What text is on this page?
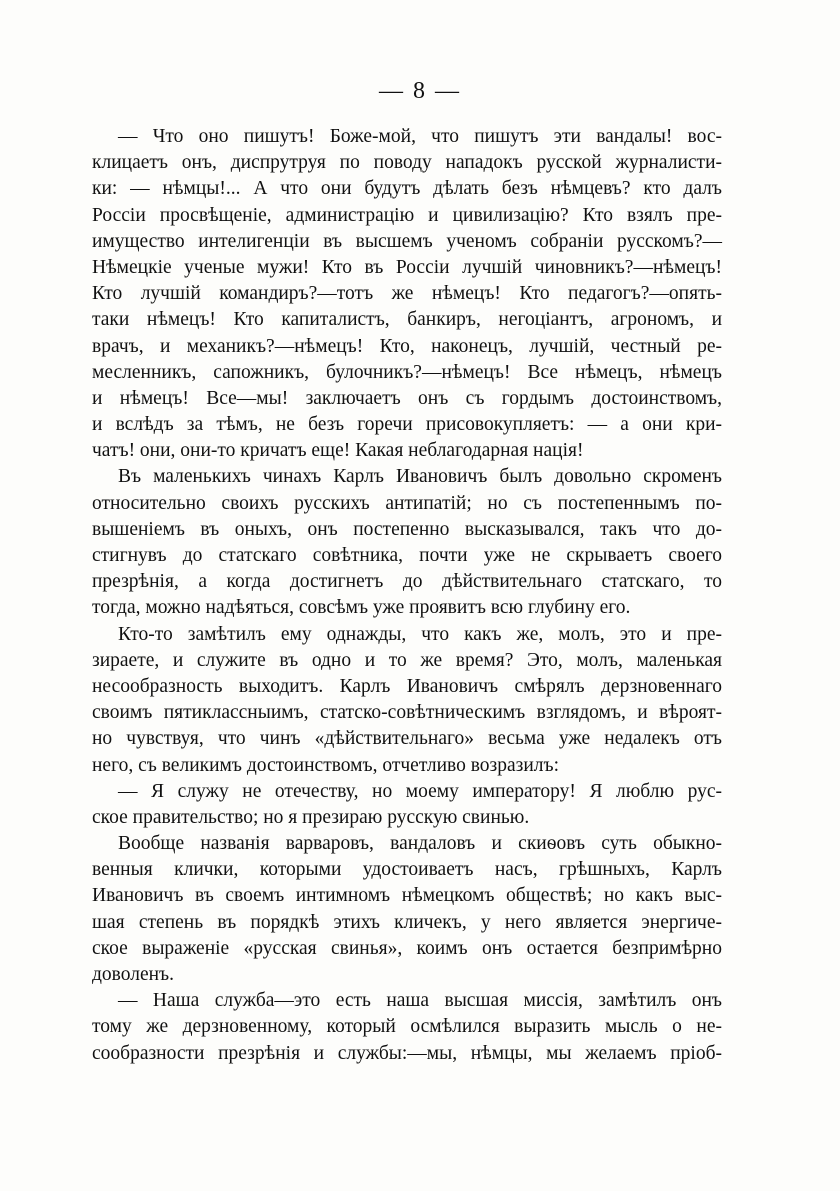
— 8 —
— Что оно пишутъ! Боже-мой, что пишутъ эти вандалы! вос-
клицаетъ онъ, диспрутруя по поводу нападокъ русской журналисти-
ки: — нѣмцы!... А что они будутъ дѣлать безъ нѣмцевъ? кто далъ
Россіи просвѣщеніе, администрацію и цивилизацію? Кто взялъ пре-
имущество интелигенціи въ высшемъ ученомъ собраніи русскомъ?—
Нѣмецкіе ученые мужи! Кто въ Россіи лучшій чиновникъ?—нѣмецъ!
Кто лучшій командиръ?—тотъ же нѣмецъ! Кто педагогъ?—опять-
таки нѣмецъ! Кто капиталистъ, банкиръ, негоціантъ, агрономъ, и
врачъ, и механикъ?—нѣмецъ! Кто, наконецъ, лучшій, честный ре-
месленникъ, сапожникъ, булочникъ?—нѣмецъ! Все нѣмецъ, нѣмецъ
и нѣмецъ! Все—мы! заключаетъ онъ съ гордымъ достоинствомъ,
и вслѣдъ за тѣмъ, не безъ горечи присовокупляетъ: — а они кри-
чатъ! они, они-то кричатъ еще! Какая неблагодарная нація!
Въ маленькихъ чинахъ Карлъ Ивановичъ былъ довольно скроменъ
относительно своихъ русскихъ антипатій; но съ постепеннымъ по-
вышеніемъ въ оныхъ, онъ постепенно высказывался, такъ что до-
стигнувъ до статскаго совѣтника, почти уже не скрываетъ своего
презрѣнія, а когда достигнетъ до дѣйствительнаго статскаго, то
тогда, можно надѣяться, совсѣмъ уже проявитъ всю глубину его.
Кто-то замѣтилъ ему однажды, что какъ же, молъ, это и пре-
зираете, и служите въ одно и то же время? Это, молъ, маленькая
несообразность выходитъ. Карлъ Ивановичъ смѣрялъ дерзновеннаго
своимъ пятиклассныимъ, статско-совѣтническимъ взглядомъ, и вѣроят-
но чувствуя, что чинъ «дѣйствительнаго» весьма уже недалекъ отъ
него, съ великимъ достоинствомъ, отчетливо возразилъ:
— Я служу не отечеству, но моему императору! Я люблю рус-
ское правительство; но я презираю русскую свинью.
Вообще названія варваровъ, вандаловъ и скиѳовъ суть обыкно-
венныя клички, которыми удостоиваетъ насъ, грѣшныхъ, Карлъ
Ивановичъ въ своемъ интимномъ нѣмецкомъ обществѣ; но какъ выс-
шая степень въ порядкѣ этихъ кличекъ, у него является энергиче-
ское выраженіе «русская свинья», коимъ онъ остается безпримѣрно
доволенъ.
— Наша служба—это есть наша высшая миссія, замѣтилъ онъ
тому же дерзновенному, который осмѣлился выразить мысль о не-
сообразности презрѣнія и службы:—мы, нѣмцы, мы желаемъ пріоб-
